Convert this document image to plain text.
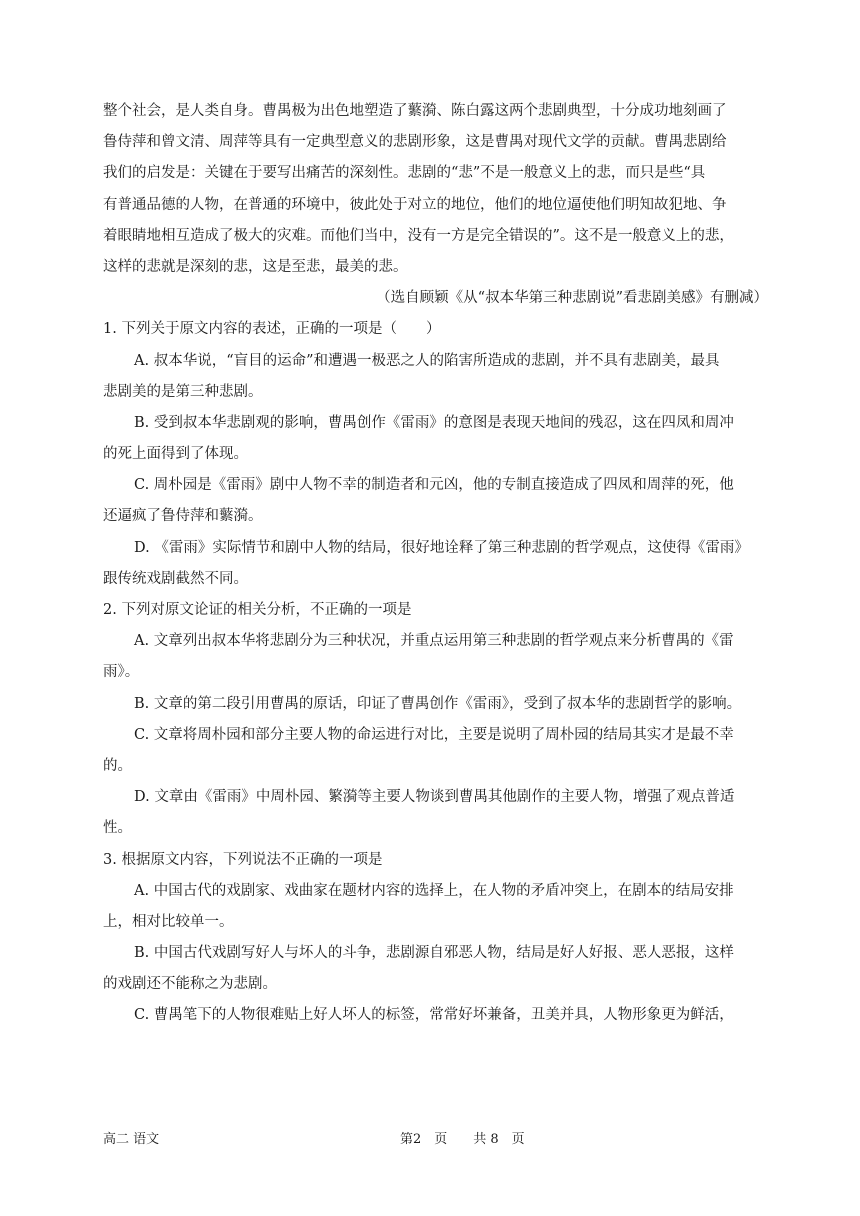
整个社会，是人类自身。曹禺极为出色地塑造了蘩漪、陈白露这两个悲剧典型，十分成功地刻画了
鲁侍萍和曾文清、周萍等具有一定典型意义的悲剧形象，这是曹禺对现代文学的贡献。曹禺悲剧给
我们的启发是：关键在于要写出痛苦的深刻性。悲剧的“悲”不是一般意义上的悲，而只是些“具
有普通品德的人物，在普通的环境中，彼此处于对立的地位，他们的地位逼使他们明知故犯地、争
着眼睛地相互造成了极大的灾难。而他们当中，没有一方是完全错误的”。这不是一般意义上的悲，
这样的悲就是深刻的悲，这是至悲，最美的悲。
（选自顾颖《从“叔本华第三种悲剧说”看悲剧美感》有删减）
1. 下列关于原文内容的表述，正确的一项是（　　）
A. 叔本华说，“盲目的运命”和遭遇一极恶之人的陷害所造成的悲剧，并不具有悲剧美，最具
悲剧美的是第三种悲剧。
B. 受到叔本华悲剧观的影响，曹禺创作《雷雨》的意图是表现天地间的残忍，这在四凤和周冲
的死上面得到了体现。
C. 周朴园是《雷雨》剧中人物不幸的制造者和元凶，他的专制直接造成了四凤和周萍的死，他
还逼疯了鲁侍萍和蘩漪。
D. 《雷雨》实际情节和剧中人物的结局，很好地诠释了第三种悲剧的哲学观点，这使得《雷雨》
跟传统戏剧截然不同。
2. 下列对原文论证的相关分析，不正确的一项是
A. 文章列出叔本华将悲剧分为三种状况，并重点运用第三种悲剧的哲学观点来分析曹禺的《雷
雨》。
B. 文章的第二段引用曹禺的原话，印证了曹禺创作《雷雨》，受到了叔本华的悲剧哲学的影响。
C. 文章将周朴园和部分主要人物的命运进行对比，主要是说明了周朴园的结局其实才是最不幸
的。
D. 文章由《雷雨》中周朴园、繁漪等主要人物谈到曹禺其他剧作的主要人物，增强了观点普适
性。
3. 根据原文内容，下列说法不正确的一项是
A. 中国古代的戏剧家、戏曲家在题材内容的选择上，在人物的矛盾冲突上，在剧本的结局安排
上，相对比较单一。
B. 中国古代戏剧写好人与坏人的斗争，悲剧源自邪恶人物，结局是好人好报、恶人恶报，这样
的戏剧还不能称之为悲剧。
C. 曹禺笔下的人物很难贴上好人坏人的标签，常常好坏兼备，丑美并具，人物形象更为鲜活，
高二 语文	第2　页　　共 8　页
